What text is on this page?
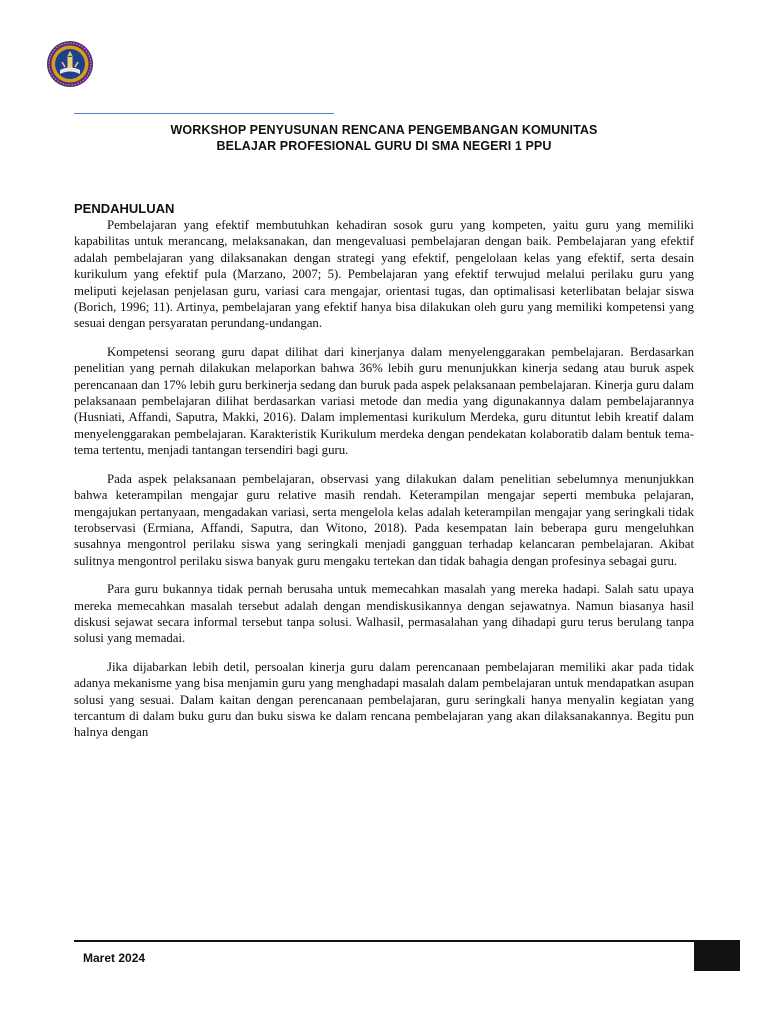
WORKSHOP PENYUSUNAN RENCANA PENGEMBANGAN KOMUNITAS
BELAJAR PROFESIONAL GURU DI SMA NEGERI 1 PPU
PENDAHULUAN

Pembelajaran yang efektif membutuhkan kehadiran sosok guru yang kompeten, yaitu guru yang memiliki kapabilitas untuk merancang, melaksanakan, dan mengevaluasi pembelajaran dengan baik. Pembelajaran yang efektif adalah pembelajaran yang dilaksanakan dengan strategi yang efektif, pengelolaan kelas yang efektif, serta desain kurikulum yang efektif pula (Marzano, 2007; 5). Pembelajaran yang efektif terwujud melalui perilaku guru yang meliputi kejelasan penjelasan guru, variasi cara mengajar, orientasi tugas, dan optimalisasi keterlibatan belajar siswa (Borich, 1996; 11). Artinya, pembelajaran yang efektif hanya bisa dilakukan oleh guru yang memiliki kompetensi yang sesuai dengan persyaratan perundang-undangan.

Kompetensi seorang guru dapat dilihat dari kinerjanya dalam menyelenggarakan pembelajaran. Berdasarkan penelitian yang pernah dilakukan melaporkan bahwa 36% lebih guru menunjukkan kinerja sedang atau buruk aspek perencanaan dan 17% lebih guru berkinerja sedang dan buruk pada aspek pelaksanaan pembelajaran. Kinerja guru dalam pelaksanaan pembelajaran dilihat berdasarkan variasi metode dan media yang digunakannya dalam pembelajarannya (Husniati, Affandi, Saputra, Makki, 2016). Dalam implementasi kurikulum Merdeka, guru dituntut lebih kreatif dalam menyelenggarakan pembelajaran. Karakteristik Kurikulum merdeka dengan pendekatan kolaboratib dalam bentuk tema-tema tertentu, menjadi tantangan tersendiri bagi guru.

Pada aspek pelaksanaan pembelajaran, observasi yang dilakukan dalam penelitian sebelumnya menunjukkan bahwa keterampilan mengajar guru relative masih rendah. Keterampilan mengajar seperti membuka pelajaran, mengajukan pertanyaan, mengadakan variasi, serta mengelola kelas adalah keterampilan mengajar yang seringkali tidak terobservasi (Ermiana, Affandi, Saputra, dan Witono, 2018). Pada kesempatan lain beberapa guru mengeluhkan susahnya mengontrol perilaku siswa yang seringkali menjadi gangguan terhadap kelancaran pembelajaran. Akibat sulitnya mengontrol perilaku siswa banyak guru mengaku tertekan dan tidak bahagia dengan profesinya sebagai guru.

Para guru bukannya tidak pernah berusaha untuk memecahkan masalah yang mereka hadapi. Salah satu upaya mereka memecahkan masalah tersebut adalah dengan mendiskusikannya dengan sejawatnya. Namun biasanya hasil diskusi sejawat secara informal tersebut tanpa solusi. Walhasil, permasalahan yang dihadapi guru terus berulang tanpa solusi yang memadai.

Jika dijabarkan lebih detil, persoalan kinerja guru dalam perencanaan pembelajaran memiliki akar pada tidak adanya mekanisme yang bisa menjamin guru yang menghadapi masalah dalam pembelajaran untuk mendapatkan asupan solusi yang sesuai. Dalam kaitan dengan perencanaan pembelajaran, guru seringkali hanya menyalin kegiatan yang tercantum di dalam buku guru dan buku siswa ke dalam rencana pembelajaran yang akan dilaksanakannya. Begitu pun halnya dengan

Maret 2024
